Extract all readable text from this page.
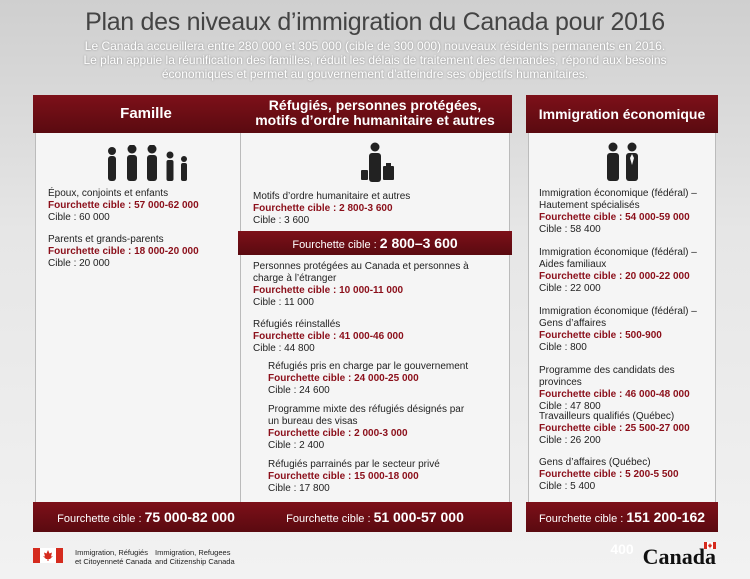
Plan des niveaux d’immigration du Canada pour 2016
Le Canada accueillera entre 280 000 et 305 000 (cible de 300 000) nouveaux résidents permanents en 2016.
Le plan appuie la réunification des familles, réduit les délais de traitement des demandes, répond aux besoins
économiques et permet au gouvernement d’atteindre ses objectifs humanitaires.
Famille
Époux, conjoints et enfants
Fourchette cible : 57 000-62 000
Cible : 60 000
Parents et grands-parents
Fourchette cible : 18 000-20 000
Cible : 20 000
Fourchette cible : 75 000-82 000
Réfugiés, personnes protégées,
motifs d’ordre humanitaire et autres
Motifs d’ordre humanitaire et autres
Fourchette cible : 2 800-3 600
Cible : 3 600
Fourchette cible : 2 800–3 600
Personnes protégées au Canada et personnes à
charge à l’étranger
Fourchette cible : 10 000-11 000
Cible : 11 000
Réfugiés réinstallés
Fourchette cible : 41 000-46 000
Cible : 44 800
Réfugiés pris en charge par le gouvernement
Fourchette cible : 24 000-25 000
Cible : 24 600
Programme mixte des réfugiés désignés par
un bureau des visas
Fourchette cible : 2 000-3 000
Cible : 2 400
Réfugiés parrainés par le secteur privé
Fourchette cible : 15 000-18 000
Cible : 17 800
Fourchette cible : 51 000-57 000
Immigration économique
Immigration économique (fédéral) –
Hautement spécialisés
Fourchette cible : 54 000-59 000
Cible : 58 400
Immigration économique (fédéral) –
Aides familiaux
Fourchette cible : 20 000-22 000
Cible : 22 000
Immigration économique (fédéral) –
Gens d’affaires
Fourchette cible : 500-900
Cible : 800
Programme des candidats des provinces
Fourchette cible : 46 000-48 000
Cible : 47 800
Travailleurs qualifiés (Québec)
Fourchette cible : 25 500-27 000
Cible : 26 200
Gens d’affaires (Québec)
Fourchette cible : 5 200-5 500
Cible : 5 400
Fourchette cible : 151 200-162 400
Immigration, Réfugiés
et Citoyenneté Canada
Immigration, Refugees
and Citizenship Canada	Canada
